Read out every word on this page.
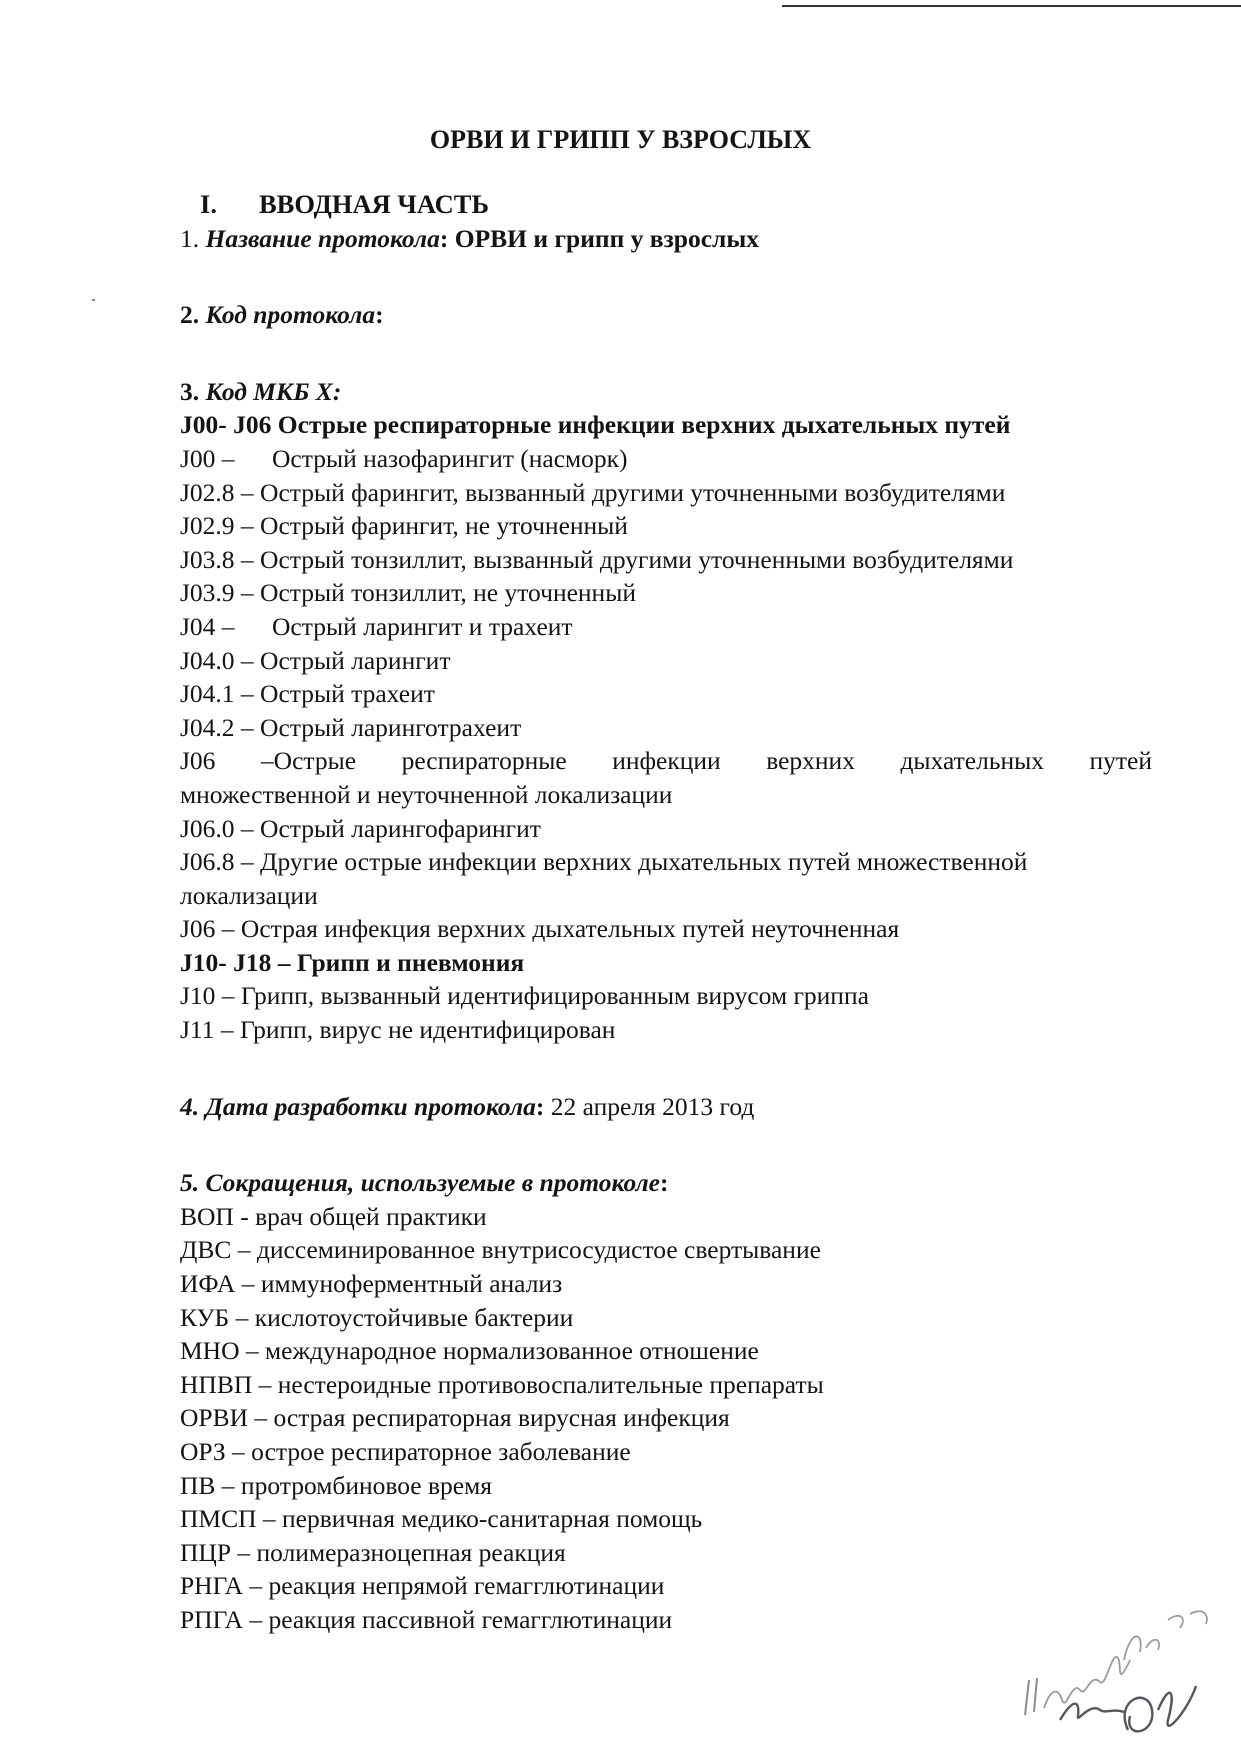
ОРВИ И ГРИПП У ВЗРОСЛЫХ
I. ВВОДНАЯ ЧАСТЬ
1. Название протокола: ОРВИ и грипп у взрослых
2. Код протокола:
3. Код МКБ Х:
J00- J06 Острые респираторные инфекции верхних дыхательных путей
J00 – Острый назофарингит (насморк)
J02.8 – Острый фарингит, вызванный другими уточненными возбудителями
J02.9 – Острый фарингит, не уточненный
J03.8 – Острый тонзиллит, вызванный другими уточненными возбудителями
J03.9 – Острый тонзиллит, не уточненный
J04 – Острый ларингит и трахеит
J04.0 – Острый ларингит
J04.1 – Острый трахеит
J04.2 – Острый ларинготрахеит
J06 –Острые респираторные инфекции верхних дыхательных путей
множественной и неуточненной локализации
J06.0 – Острый ларингофарингит
J06.8 – Другие острые инфекции верхних дыхательных путей множественной
локализации
J06 – Острая инфекция верхних дыхательных путей неуточненная
J10- J18 – Грипп и пневмония
J10 – Грипп, вызванный идентифицированным вирусом гриппа
J11 – Грипп, вирус не идентифицирован
4. Дата разработки протокола: 22 апреля 2013 год
5. Сокращения, используемые в протоколе:
ВОП - врач общей практики
ДВС – диссеминированное внутрисосудистое свертывание
ИФА – иммуноферментный анализ
КУБ – кислотоустойчивые бактерии
МНО – международное нормализованное отношение
НПВП – нестероидные противовоспалительные препараты
ОРВИ – острая респираторная вирусная инфекция
ОРЗ – острое респираторное заболевание
ПВ – протромбиновое время
ПМСП – первичная медико-санитарная помощь
ПЦР – полимеразноцепная реакция
РНГА – реакция непрямой гемагглютинации
РПГА – реакция пассивной гемагглютинации
